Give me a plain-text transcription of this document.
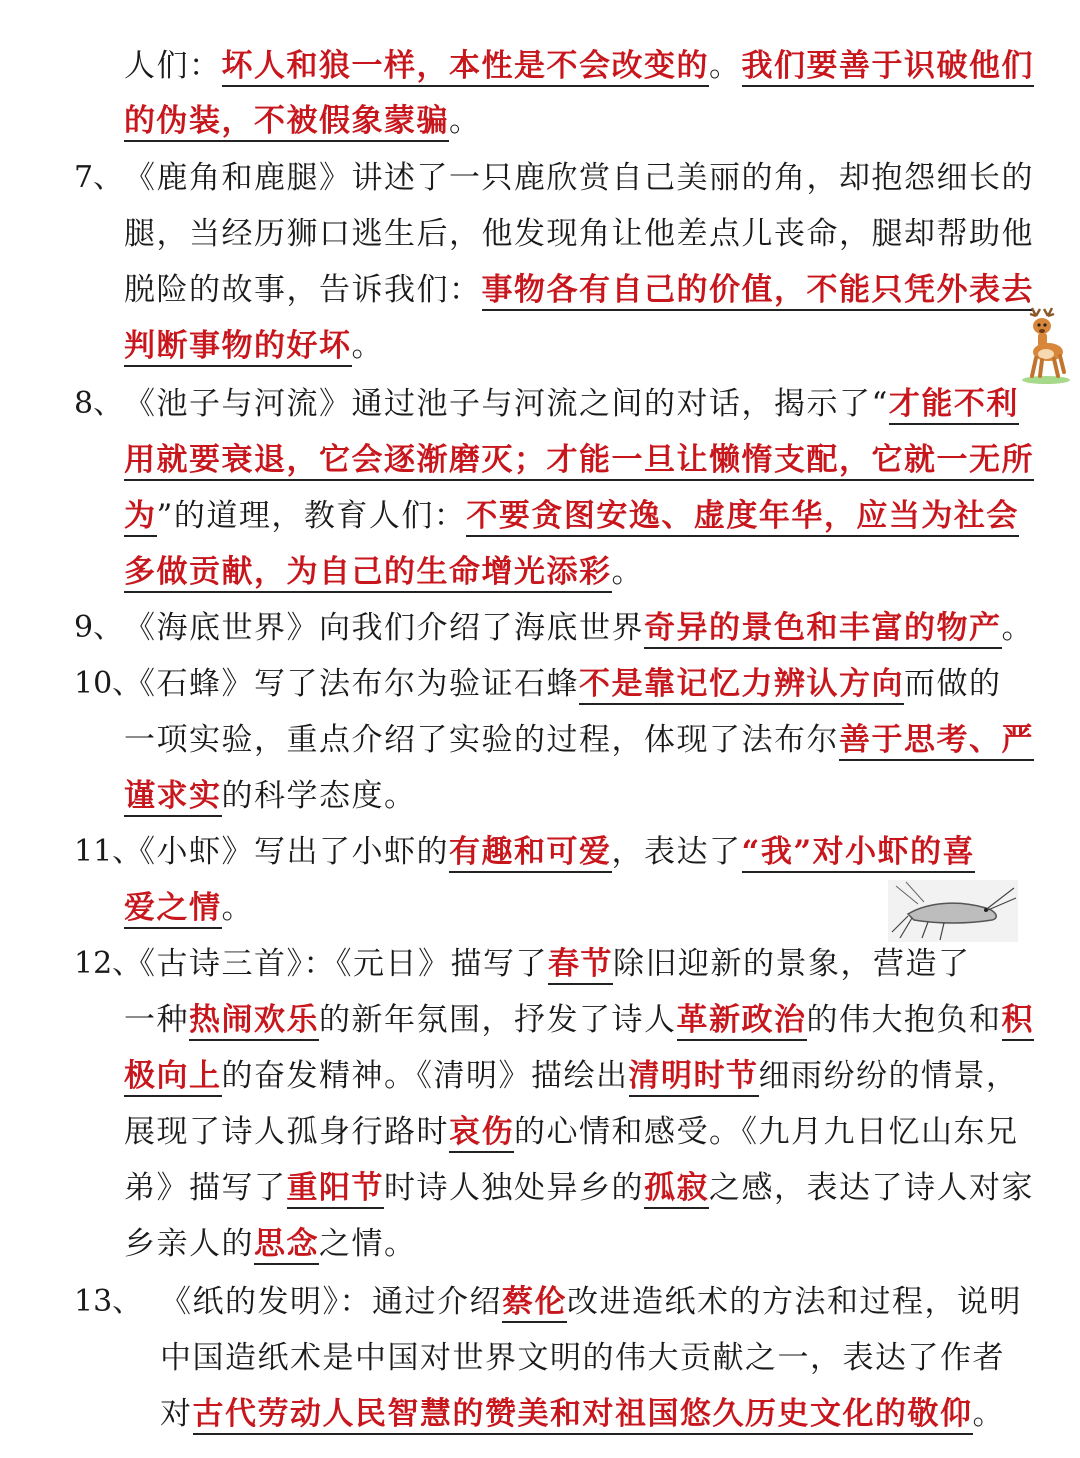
人们：坏人和狼一样，本性是不会改变的。我们要善于识破他们
的伪装，不被假象蒙骗。
7、 《鹿角和鹿腿》讲述了一只鹿欣赏自己美丽的角，却抱怨细长的
腿，当经历狮口逃生后，他发现角让他差点儿丧命，腿却帮助他
脱险的故事，告诉我们：事物各有自己的价值，不能只凭外表去
判断事物的好坏。
8、 《池子与河流》通过池子与河流之间的对话，揭示了“才能不利
用就要衰退，它会逐渐磨灭；才能一旦让懒惰支配，它就一无所
为”的道理，教育人们：不要贪图安逸、虚度年华，应当为社会
多做贡献，为自己的生命增光添彩。
9、 《海底世界》向我们介绍了海底世界奇异的景色和丰富的物产。
10、
《石蜂》写了法布尔为验证石蜂不是靠记忆力辨认方向而做的
一项实验，重点介绍了实验的过程，体现了法布尔善于思考、严
谨求实的科学态度。
11、
《小虾》写出了小虾的有趣和可爱，表达了“我”对小虾的喜
爱之情。
12、
《古诗三首》：《元日》描写了春节除旧迎新的景象，营造了
一种热闹欢乐的新年氛围，抒发了诗人革新政治的伟大抱负和积
极向上的奋发精神。《清明》描绘出清明时节细雨纷纷的情景，
展现了诗人孤身行路时哀伤的心情和感受。《九月九日忆山东兄
弟》描写了重阳节时诗人独处异乡的孤寂之感，表达了诗人对家
乡亲人的思念之情。
13、 《纸的发明》：通过介绍蔡伦改进造纸术的方法和过程，说明
中国造纸术是中国对世界文明的伟大贡献之一，表达了作者
对古代劳动人民智慧的赞美和对祖国悠久历史文化的敬仰。
